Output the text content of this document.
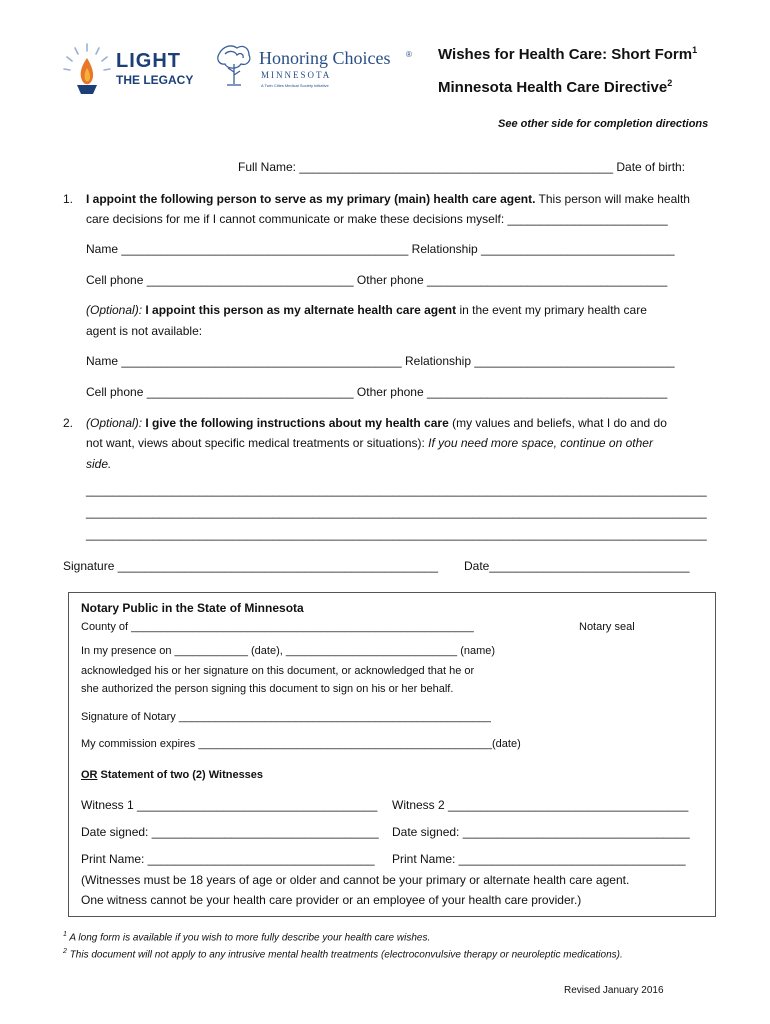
LIGHT
THE LEGACY
Honoring Choices ®
MINNESOTA
A Twin Cities Medical Society Initiative
Wishes for Health Care: Short Form$^1$
Minnesota Health Care Directive$^2$
See other side for completion directions
Full Name: _______________________________________________ Date of birth:
1. I appoint the following person to serve as my primary (main) health care agent. This person will make health
care decisions for me if I cannot communicate or make these decisions myself: ________________________
Name ___________________________________________ Relationship _____________________________
Cell phone _______________________________ Other phone ____________________________________
(Optional): I appoint this person as my alternate health care agent in the event my primary health care
agent is not available:
Name __________________________________________ Relationship ______________________________
Cell phone _______________________________ Other phone ____________________________________
2. (Optional): I give the following instructions about my health care (my values and beliefs, what I do and do
not want, views about specific medical treatments or situations): If you need more space, continue on other
side.
_____________________________________________________________________________________________
_____________________________________________________________________________________________
_____________________________________________________________________________________________
Signature ________________________________________________ Date______________________________
Notary Public in the State of Minnesota
County of ________________________________________________________	Notary seal
In my presence on ____________ (date), ____________________________ (name)
acknowledged his or her signature on this document, or acknowledged that he or
she authorized the person signing this document to sign on his or her behalf.
Signature of Notary ___________________________________________________
My commission expires ________________________________________________(date)
OR Statement of two (2) Witnesses
Witness 1 ____________________________________ Witness 2 ____________________________________
Date signed: __________________________________ Date signed: __________________________________
Print Name: __________________________________ Print Name: __________________________________
(Witnesses must be 18 years of age or older and cannot be your primary or alternate health care agent.
One witness cannot be your health care provider or an employee of your health care provider.)
$^1$ A long form is available if you wish to more fully describe your health care wishes.
$^2$ This document will not apply to any intrusive mental health treatments (electroconvulsive therapy or neuroleptic medications).
Revised January 2016
